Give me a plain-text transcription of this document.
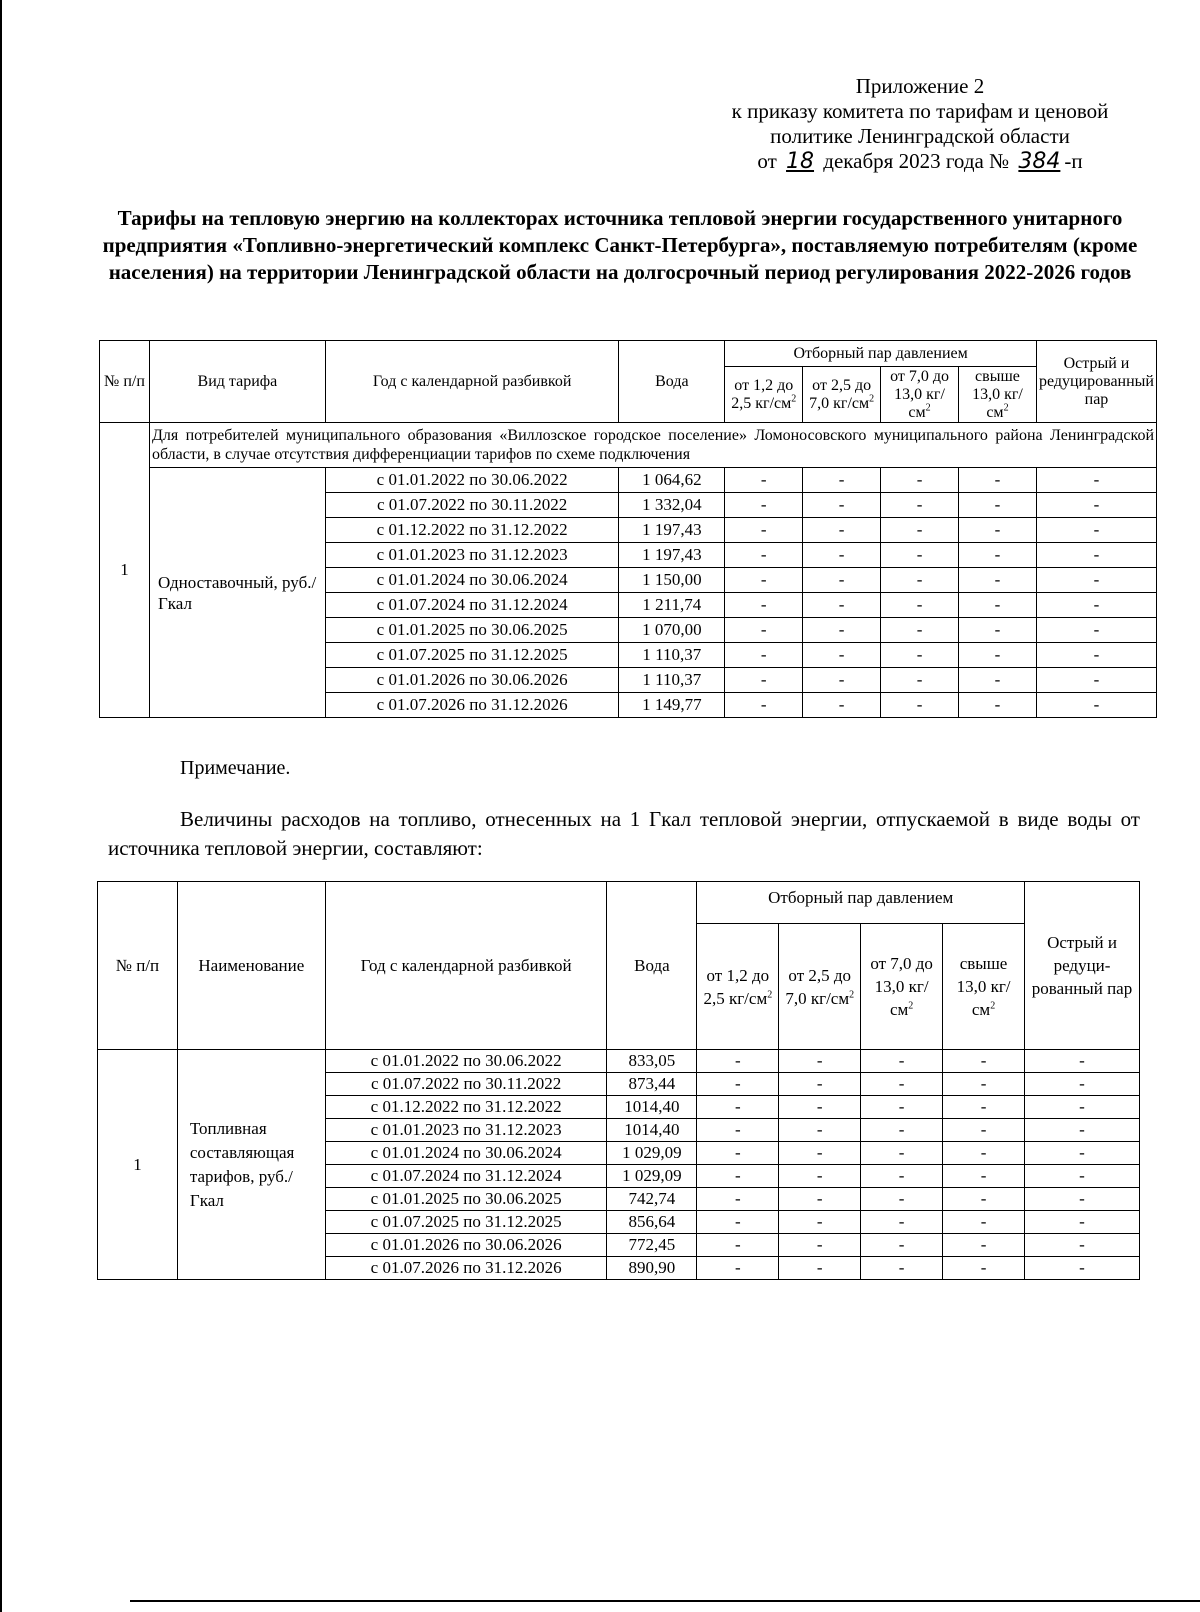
Приложение 2
к приказу комитета по тарифам и ценовой
политике Ленинградской области
от 18 декабря 2023 года № 384 -п
Тарифы на тепловую энергию на коллекторах источника тепловой энергии государственного унитарного предприятия «Топливно-энергетический комплекс Санкт-Петербурга», поставляемую потребителям (кроме населения) на территории Ленинградской области на долгосрочный период регулирования 2022-2026 годов
№ п/п	Вид тарифа	Год с календарной разбивкой	Вода	Отборный пар давлением				Острый и редуцированный пар
				от 1,2 до 2,5 $кг/см^2$	от 2,5 до 7,0 $кг/см^2$	от 7,0 до 13,0 $кг/см^2$	свыше 13,0 $кг/см^2$
1	Для потребителей муниципального образования «Виллозское городское поселение» Ломоносовского муниципального района Ленинградской области, в случае отсутствия дифференциации тарифов по схеме подключения							
	Одноставочный, руб./Гкал	с 01.01.2022 по 30.06.2022	1 064,62	-	-	-	-	-
		с 01.07.2022 по 30.11.2022	1 332,04	-	-	-	-	-
		с 01.12.2022 по 31.12.2022	1 197,43	-	-	-	-	-
		с 01.01.2023 по 31.12.2023	1 197,43	-	-	-	-	-
		с 01.01.2024 по 30.06.2024	1 150,00	-	-	-	-	-
		с 01.07.2024 по 31.12.2024	1 211,74	-	-	-	-	-
		с 01.01.2025 по 30.06.2025	1 070,00	-	-	-	-	-
		с 01.07.2025 по 31.12.2025	1 110,37	-	-	-	-	-
		с 01.01.2026 по 30.06.2026	1 110,37	-	-	-	-	-
		с 01.07.2026 по 31.12.2026	1 149,77	-	-	-	-	-
Примечание.
Величины расходов на топливо, отнесенных на 1 Гкал тепловой энергии, отпускаемой в виде воды от источника тепловой энергии, составляют:
№ п/п	Наименование	Год с календарной разбивкой	Вода	Отборный пар давлением				Острый и редуци-рованный пар
				от 1,2 до 2,5 $кг/см^2$	от 2,5 до 7,0 $кг/см^2$	от 7,0 до 13,0 $кг/см^2$	свыше 13,0 $кг/см^2$
1	Топливная составляющая тарифов, руб./Гкал	с 01.01.2022 по 30.06.2022	833,05	-	-	-	-	-
		с 01.07.2022 по 30.11.2022	873,44	-	-	-	-	-
		с 01.12.2022 по 31.12.2022	1014,40	-	-	-	-	-
		с 01.01.2023 по 31.12.2023	1014,40	-	-	-	-	-
		с 01.01.2024 по 30.06.2024	1 029,09	-	-	-	-	-
		с 01.07.2024 по 31.12.2024	1 029,09	-	-	-	-	-
		с 01.01.2025 по 30.06.2025	742,74	-	-	-	-	-
		с 01.07.2025 по 31.12.2025	856,64	-	-	-	-	-
		с 01.01.2026 по 30.06.2026	772,45	-	-	-	-	-
		с 01.07.2026 по 31.12.2026	890,90	-	-	-	-	-
